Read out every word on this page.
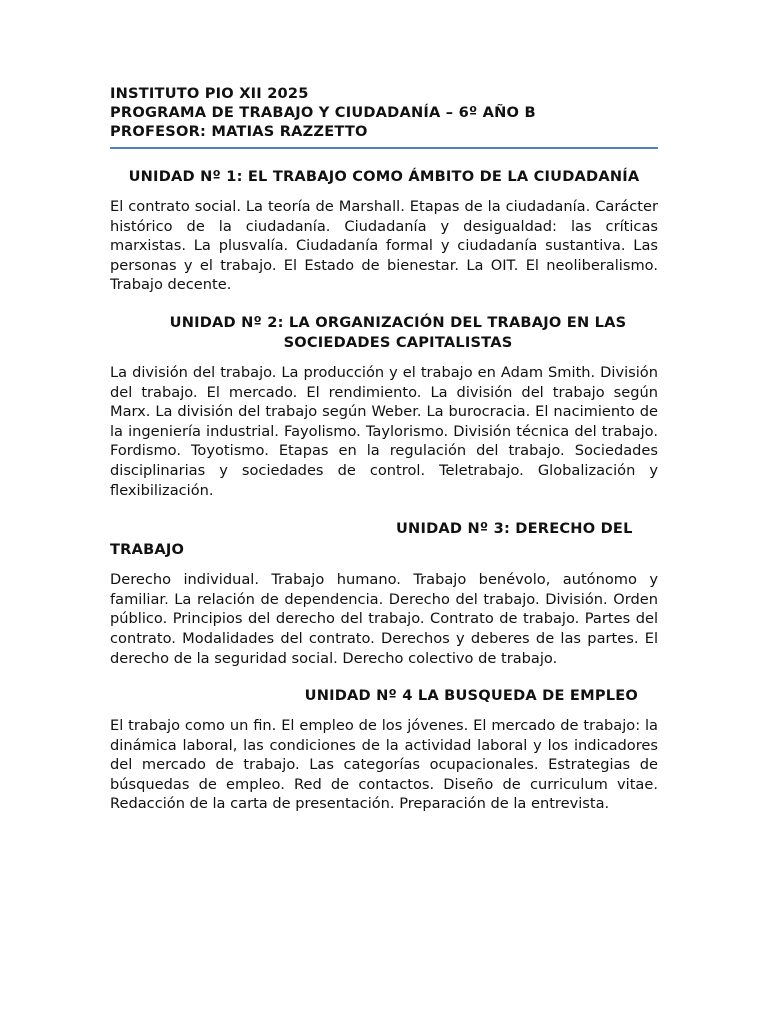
INSTITUTO PIO XII 2025
PROGRAMA DE TRABAJO Y CIUDADANÍA – 6º AÑO B
PROFESOR: MATIAS RAZZETTO
UNIDAD Nº 1: EL TRABAJO COMO ÁMBITO DE LA CIUDADANÍA

El contrato social. La teoría de Marshall. Etapas de la ciudadanía. Carácter histórico de la ciudadanía. Ciudadanía y desigualdad: las críticas marxistas. La plusvalía. Ciudadanía formal y ciudadanía sustantiva. Las personas y el trabajo. El Estado de bienestar. La OIT. El neoliberalismo. Trabajo decente.

UNIDAD Nº 2: LA ORGANIZACIÓN DEL TRABAJO EN LAS SOCIEDADES CAPITALISTAS

La división del trabajo. La producción y el trabajo en Adam Smith. División del trabajo. El mercado. El rendimiento. La división del trabajo según Marx. La división del trabajo según Weber. La burocracia. El nacimiento de la ingeniería industrial. Fayolismo. Taylorismo. División técnica del trabajo. Fordismo. Toyotismo. Etapas en la regulación del trabajo. Sociedades disciplinarias y sociedades de control. Teletrabajo. Globalización y flexibilización.

UNIDAD Nº 3: DERECHO DEL TRABAJO

Derecho individual. Trabajo humano. Trabajo benévolo, autónomo y familiar. La relación de dependencia. Derecho del trabajo. División. Orden público. Principios del derecho del trabajo. Contrato de trabajo. Partes del contrato. Modalidades del contrato. Derechos y deberes de las partes. El derecho de la seguridad social. Derecho colectivo de trabajo.

UNIDAD Nº 4 LA BUSQUEDA DE EMPLEO

El trabajo como un fin. El empleo de los jóvenes. El mercado de trabajo: la dinámica laboral, las condiciones de la actividad laboral y los indicadores del mercado de trabajo. Las categorías ocupacionales. Estrategias de búsquedas de empleo. Red de contactos. Diseño de curriculum vitae. Redacción de la carta de presentación. Preparación de la entrevista.
